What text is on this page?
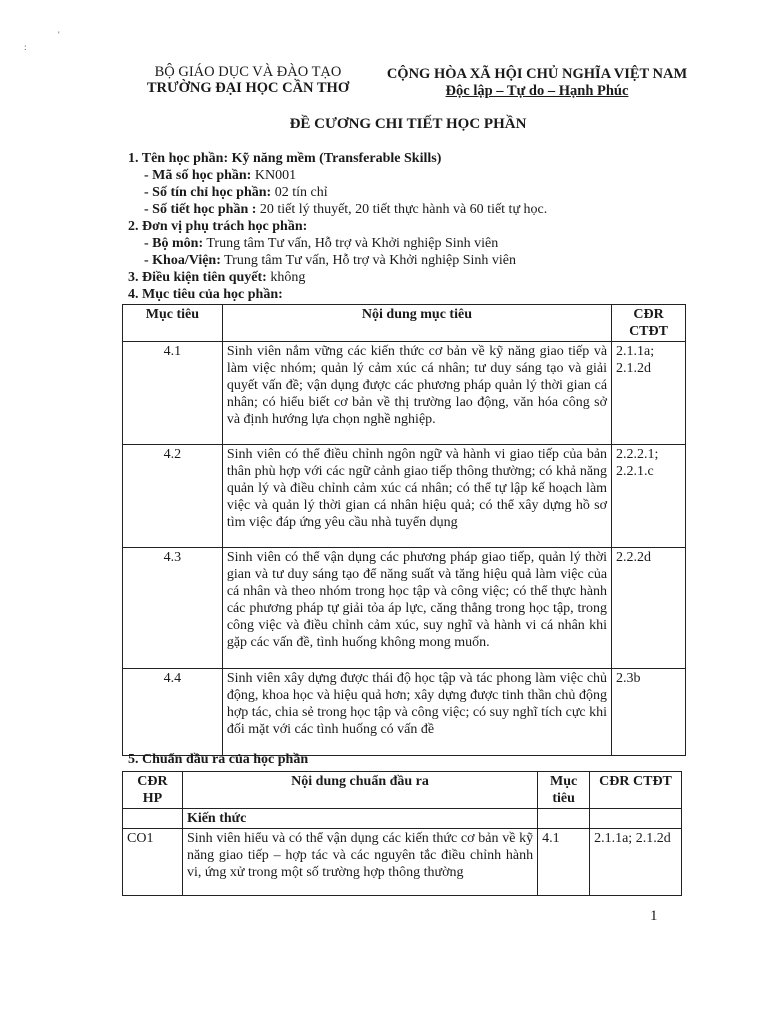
:
'
BỘ GIÁO DỤC VÀ ĐÀO TẠO
TRƯỜNG ĐẠI HỌC CẦN THƠ
CỘNG HÒA XÃ HỘI CHỦ NGHĨA VIỆT NAM
Độc lập – Tự do – Hạnh Phúc
ĐỀ CƯƠNG CHI TIẾT HỌC PHẦN
1. Tên học phần: Kỹ năng mềm (Transferable Skills)
- Mã số học phần: KN001
- Số tín chỉ học phần: 02 tín chỉ
- Số tiết học phần : 20 tiết lý thuyết, 20 tiết thực hành và 60 tiết tự học.
2. Đơn vị phụ trách học phần:
- Bộ môn: Trung tâm Tư vấn, Hỗ trợ và Khởi nghiệp Sinh viên
- Khoa/Viện: Trung tâm Tư vấn, Hỗ trợ và Khởi nghiệp Sinh viên
3. Điều kiện tiên quyết: không
4. Mục tiêu của học phần:
Mục tiêu	Nội dung mục tiêu	CĐR CTĐT
4.1	Sinh viên nắm vững các kiến thức cơ bản về kỹ năng giao tiếp và làm việc nhóm; quản lý cảm xúc cá nhân; tư duy sáng tạo và giải quyết vấn đề; vận dụng được các phương pháp quản lý thời gian cá nhân; có hiểu biết cơ bản về thị trường lao động, văn hóa công sở và định hướng lựa chọn nghề nghiệp.	2.1.1a; 2.1.2d
4.2	Sinh viên có thể điều chỉnh ngôn ngữ và hành vi giao tiếp của bản thân phù hợp với các ngữ cảnh giao tiếp thông thường; có khả năng quản lý và điều chỉnh cảm xúc cá nhân; có thể tự lập kế hoạch làm việc và quản lý thời gian cá nhân hiệu quả; có thể xây dựng hồ sơ tìm việc đáp ứng yêu cầu nhà tuyển dụng	2.2.2.1; 2.2.1.c
4.3	Sinh viên có thể vận dụng các phương pháp giao tiếp, quản lý thời gian và tư duy sáng tạo để năng suất và tăng hiệu quả làm việc của cá nhân và theo nhóm trong học tập và công việc; có thể thực hành các phương pháp tự giải tỏa áp lực, căng thẳng trong học tập, trong công việc và điều chỉnh cảm xúc, suy nghĩ và hành vi cá nhân khi gặp các vấn đề, tình huống không mong muốn.	2.2.2d
4.4	Sinh viên xây dựng được thái độ học tập và tác phong làm việc chủ động, khoa học và hiệu quả hơn; xây dựng được tinh thần chủ động hợp tác, chia sẻ trong học tập và công việc; có suy nghĩ tích cực khi đối mặt với các tình huống có vấn đề	2.3b
5. Chuẩn đầu ra của học phần
CĐR HP	Nội dung chuẩn đầu ra	Mục tiêu	CĐR CTĐT
	Kiến thức		
CO1	Sinh viên hiểu và có thể vận dụng các kiến thức cơ bản về kỹ năng giao tiếp – hợp tác và các nguyên tắc điều chỉnh hành vi, ứng xử trong một số trường hợp thông thường	4.1	2.1.1a; 2.1.2d
1
